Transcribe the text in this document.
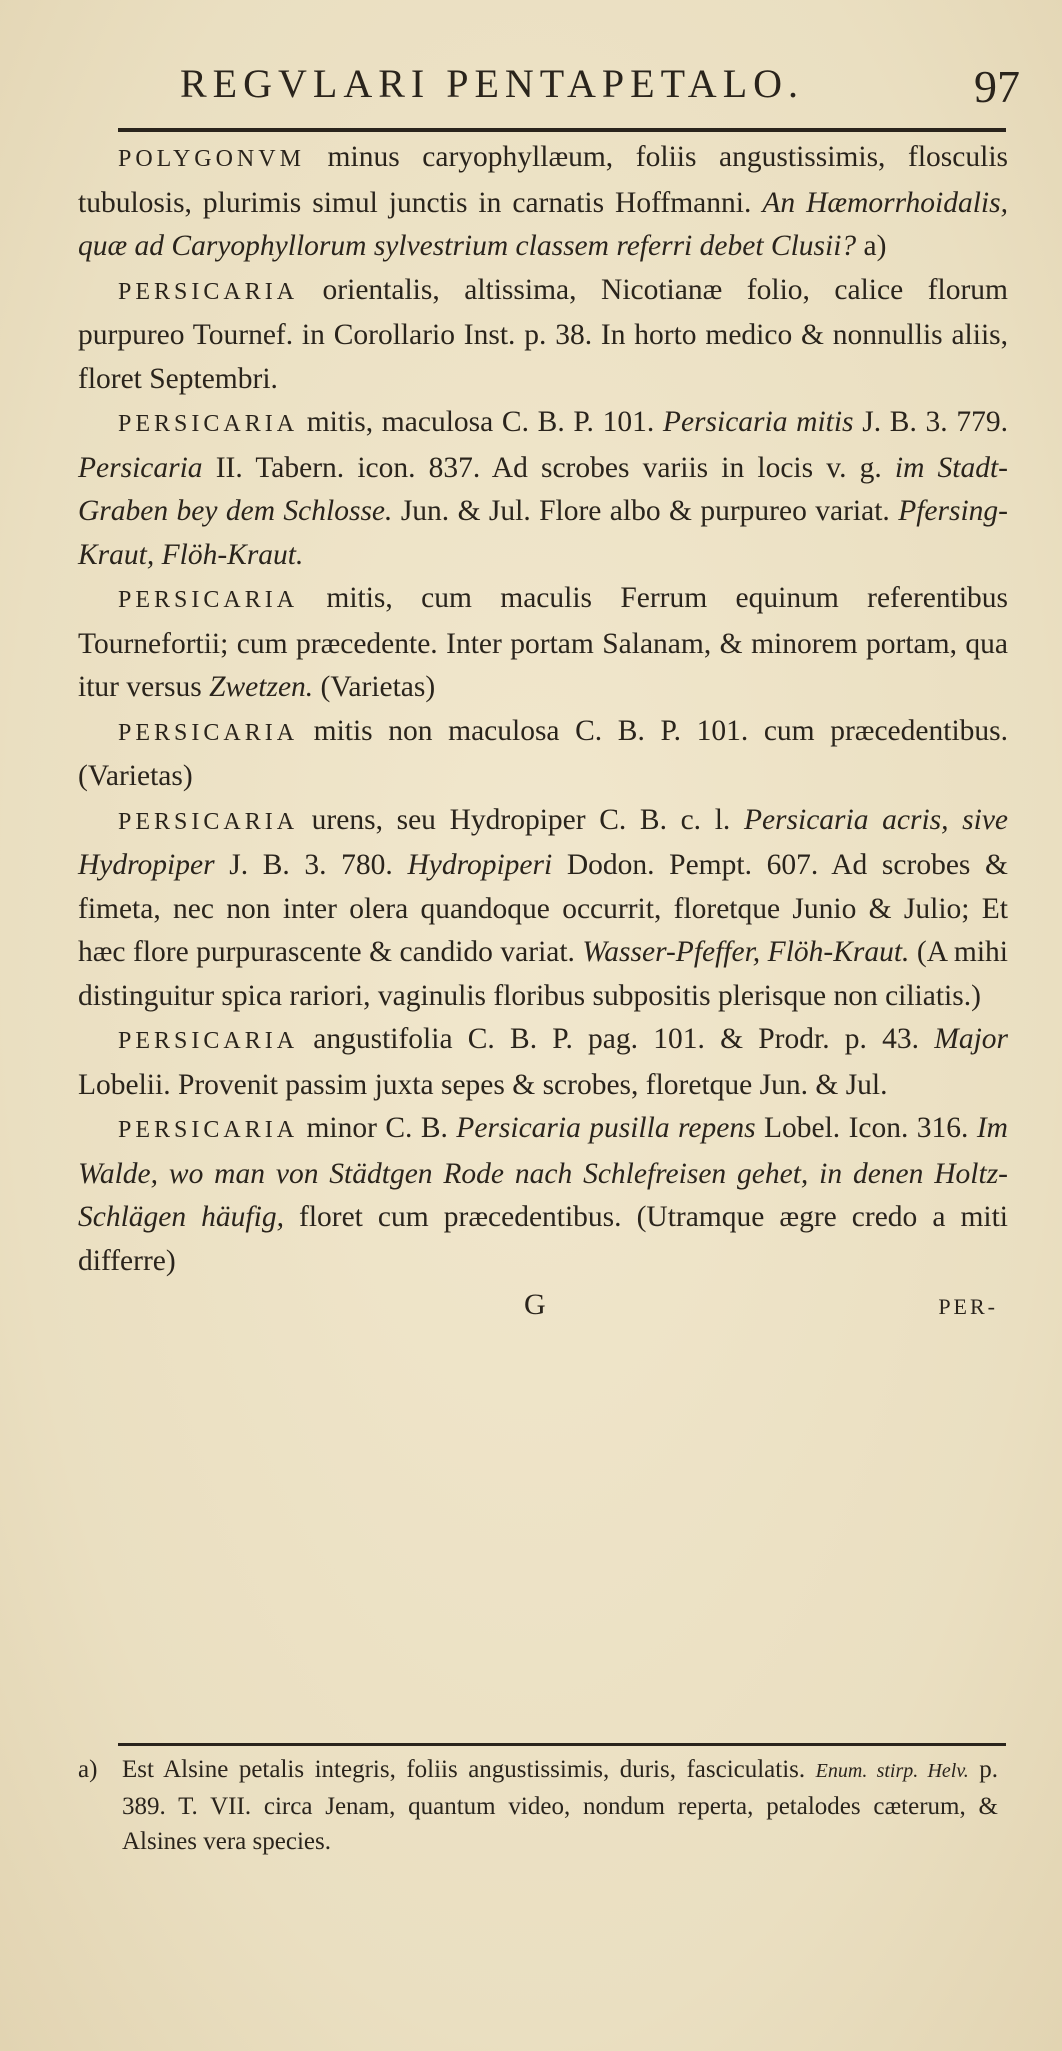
REGVLARI PENTAPETALO.	97

POLYGONVM minus caryophyllæum, foliis angustissimis, flosculis tubulosis, plurimis simul junctis in carnatis Hoffmanni. An Hæmorrhoidalis, quæ ad Caryophyllorum sylvestrium classem referri debet Clusii? a)

PERSICARIA orientalis, altissima, Nicotianæ folio, calice florum purpureo Tournef. in Corollario Inst. p. 38. In horto medico & nonnullis aliis, floret Septembri.

PERSICARIA mitis, maculosa C. B. P. 101. Persicaria mitis J. B. 3. 779. Persicaria II. Tabern. icon. 837. Ad scrobes variis in locis v. g. im Stadt-Graben bey dem Schlosse. Jun. & Jul. Flore albo & purpureo variat. Pfersing-Kraut, Flöh-Kraut.

PERSICARIA mitis, cum maculis Ferrum equinum referentibus Tournefortii; cum præcedente. Inter portam Salanam, & minorem portam, qua itur versus Zwetzen. (Varietas)

PERSICARIA mitis non maculosa C. B. P. 101. cum præcedentibus. (Varietas)

PERSICARIA urens, seu Hydropiper C. B. c. l. Persicaria acris, sive Hydropiper J. B. 3. 780. Hydropiperi Dodon. Pempt. 607. Ad scrobes & fimeta, nec non inter olera quandoque occurrit, floretque Junio & Julio; Et hæc flore purpurascente & candido variat. Wasser-Pfeffer, Flöh-Kraut. (A mihi distinguitur spica rariori, vaginulis floribus subpositis plerisque non ciliatis.)

PERSICARIA angustifolia C. B. P. pag. 101. & Prodr. p. 43. Major Lobelii. Provenit passim juxta sepes & scrobes, floretque Jun. & Jul.

PERSICARIA minor C. B. Persicaria pusilla repens Lobel. Icon. 316. Im Walde, wo man von Städtgen Rode nach Schlefreisen gehet, in denen Holtz-Schlägen häufig, floret cum præcedentibus. (Utramque ægre credo a miti differre)

G	PER-
a) Est Alsine petalis integris, foliis angustissimis, duris, fasciculatis. Enum. stirp. Helv. p. 389. T. VII. circa Jenam, quantum video, nondum reperta, petalodes cæterum, & Alsines vera species.
